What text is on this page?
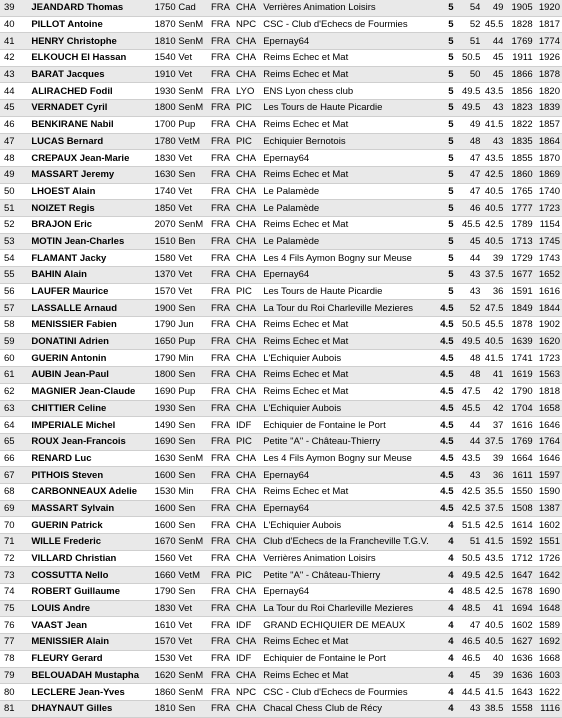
39	JEANDARD Thomas	1750 Cad	FRA	CHA	Verrières Animation Loisirs	5	54	49	1905	1920
40	PILLOT Antoine	1870 SenM	FRA	NPC	CSC - Club d'Echecs de Fourmies	5	52	45.5	1828	1817
41	HENRY Christophe	1810 SenM	FRA	CHA	Epernay64	5	51	44	1769	1774
42	ELKOUCH El Hassan	1540 Vet	FRA	CHA	Reims Echec et Mat	5	50.5	45	1911	1926
43	BARAT Jacques	1910 Vet	FRA	CHA	Reims Echec et Mat	5	50	45	1866	1878
44	ALIRACHED Fodil	1930 SenM	FRA	LYO	ENS Lyon chess club	5	49.5	43.5	1856	1820
45	VERNADET Cyril	1800 SenM	FRA	PIC	Les Tours de Haute Picardie	5	49.5	43	1823	1839
46	BENKIRANE Nabil	1700 Pup	FRA	CHA	Reims Echec et Mat	5	49	41.5	1822	1857
47	LUCAS Bernard	1780 VetM	FRA	PIC	Echiquier Bernotois	5	48	43	1835	1864
48	CREPAUX Jean-Marie	1830 Vet	FRA	CHA	Epernay64	5	47	43.5	1855	1870
49	MASSART Jeremy	1630 Sen	FRA	CHA	Reims Echec et Mat	5	47	42.5	1860	1869
50	LHOEST Alain	1740 Vet	FRA	CHA	Le Palamède	5	47	40.5	1765	1740
51	NOIZET Regis	1850 Vet	FRA	CHA	Le Palamède	5	46	40.5	1777	1723
52	BRAJON Eric	2070 SenM	FRA	CHA	Reims Echec et Mat	5	45.5	42.5	1789	1154
53	MOTIN Jean-Charles	1510 Ben	FRA	CHA	Le Palamède	5	45	40.5	1713	1745
54	FLAMANT Jacky	1580 Vet	FRA	CHA	Les 4 Fils Aymon Bogny sur Meuse	5	44	39	1729	1743
55	BAHIN Alain	1370 Vet	FRA	CHA	Epernay64	5	43	37.5	1677	1652
56	LAUFER Maurice	1570 Vet	FRA	PIC	Les Tours de Haute Picardie	5	43	36	1591	1616
57	LASSALLE Arnaud	1900 Sen	FRA	CHA	La Tour du Roi Charleville Mezieres	4.5	52	47.5	1849	1844
58	MENISSIER Fabien	1790 Jun	FRA	CHA	Reims Echec et Mat	4.5	50.5	45.5	1878	1902
59	DONATINI Adrien	1650 Pup	FRA	CHA	Reims Echec et Mat	4.5	49.5	40.5	1639	1620
60	GUERIN Antonin	1790 Min	FRA	CHA	L'Echiquier Aubois	4.5	48	41.5	1741	1723
61	AUBIN Jean-Paul	1800 Sen	FRA	CHA	Reims Echec et Mat	4.5	48	41	1619	1563
62	MAGNIER Jean-Claude	1690 Pup	FRA	CHA	Reims Echec et Mat	4.5	47.5	42	1790	1818
63	CHITTIER Celine	1930 Sen	FRA	CHA	L'Echiquier Aubois	4.5	45.5	42	1704	1658
64	IMPERIALE Michel	1490 Sen	FRA	IDF	Echiquier de Fontaine le Port	4.5	44	37	1616	1646
65	ROUX Jean-Francois	1690 Sen	FRA	PIC	Petite "A" - Château-Thierry	4.5	44	37.5	1769	1764
66	RENARD Luc	1630 SenM	FRA	CHA	Les 4 Fils Aymon Bogny sur Meuse	4.5	43.5	39	1664	1646
67	PITHOIS Steven	1600 Sen	FRA	CHA	Epernay64	4.5	43	36	1611	1597
68	CARBONNEAUX Adelie	1530 Min	FRA	CHA	Reims Echec et Mat	4.5	42.5	35.5	1550	1590
69	MASSART Sylvain	1600 Sen	FRA	CHA	Epernay64	4.5	42.5	37.5	1508	1387
70	GUERIN Patrick	1600 Sen	FRA	CHA	L'Echiquier Aubois	4	51.5	42.5	1614	1602
71	WILLE Frederic	1670 SenM	FRA	CHA	Club d'Echecs de la Francheville T.G.V.	4	51	41.5	1592	1551
72	VILLARD Christian	1560 Vet	FRA	CHA	Verrières Animation Loisirs	4	50.5	43.5	1712	1726
73	COSSUTTA Nello	1660 VetM	FRA	PIC	Petite "A" - Château-Thierry	4	49.5	42.5	1647	1642
74	ROBERT Guillaume	1790 Sen	FRA	CHA	Epernay64	4	48.5	42.5	1678	1690
75	LOUIS Andre	1830 Vet	FRA	CHA	La Tour du Roi Charleville Mezieres	4	48.5	41	1694	1648
76	VAAST Jean	1610 Vet	FRA	IDF	GRAND ECHIQUIER DE MEAUX	4	47	40.5	1602	1589
77	MENISSIER Alain	1570 Vet	FRA	CHA	Reims Echec et Mat	4	46.5	40.5	1627	1692
78	FLEURY Gerard	1530 Vet	FRA	IDF	Echiquier de Fontaine le Port	4	46.5	40	1636	1668
79	BELOUADAH Mustapha	1620 SenM	FRA	CHA	Reims Echec et Mat	4	45	39	1636	1603
80	LECLERE Jean-Yves	1860 SenM	FRA	NPC	CSC - Club d'Echecs de Fourmies	4	44.5	41.5	1643	1622
81	DHAYNAUT Gilles	1810 Sen	FRA	CHA	Chacal Chess Club de Récy	4	43	38.5	1558	1116
